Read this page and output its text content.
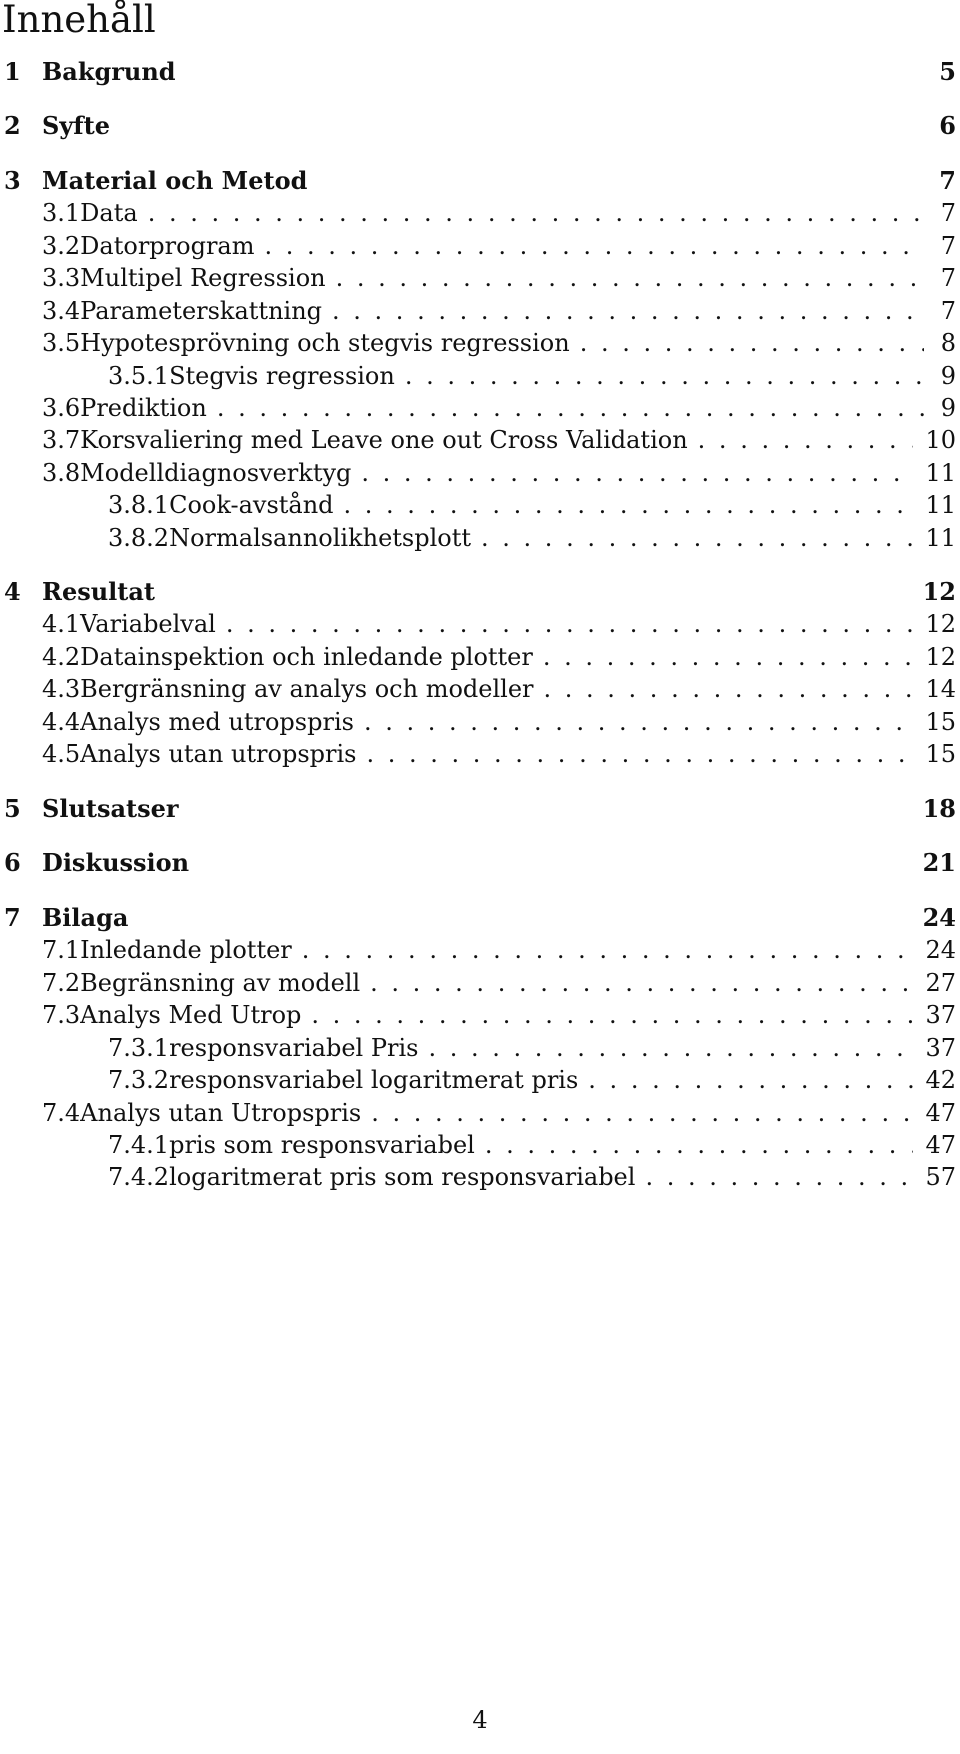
Innehåll
1 Bakgrund	5
2 Syfte	6
3 Material och Metod	7
3.1 Data . . .	7
3.2 Datorprogram . . .	7
3.3 Multipel Regression . . .	7
3.4 Parameterskattning . . .	7
3.5 Hypotesprövning och stegvis regression . . .	8
3.5.1 Stegvis regression . . .	9
3.6 Prediktion . . .	9
3.7 Korsvaliering med Leave one out Cross Validation . . .	10
3.8 Modelldiagnosverktyg . . .	11
3.8.1 Cook-avstånd . . .	11
3.8.2 Normalsannolikhetsplott . . .	11
4 Resultat	12
4.1 Variabelval . . .	12
4.2 Datainspektion och inledande plotter . . .	12
4.3 Bergränsning av analys och modeller . . .	14
4.4 Analys med utropspris . . .	15
4.5 Analys utan utropspris . . .	15
5 Slutsatser	18
6 Diskussion	21
7 Bilaga	24
7.1 Inledande plotter . . .	24
7.2 Begränsning av modell . . .	27
7.3 Analys Med Utrop . . .	37
7.3.1 responsvariabel Pris . . .	37
7.3.2 responsvariabel logaritmerat pris . . .	42
7.4 Analys utan Utropspris . . .	47
7.4.1 pris som responsvariabel . . .	47
7.4.2 logaritmerat pris som responsvariabel . . .	57
4
